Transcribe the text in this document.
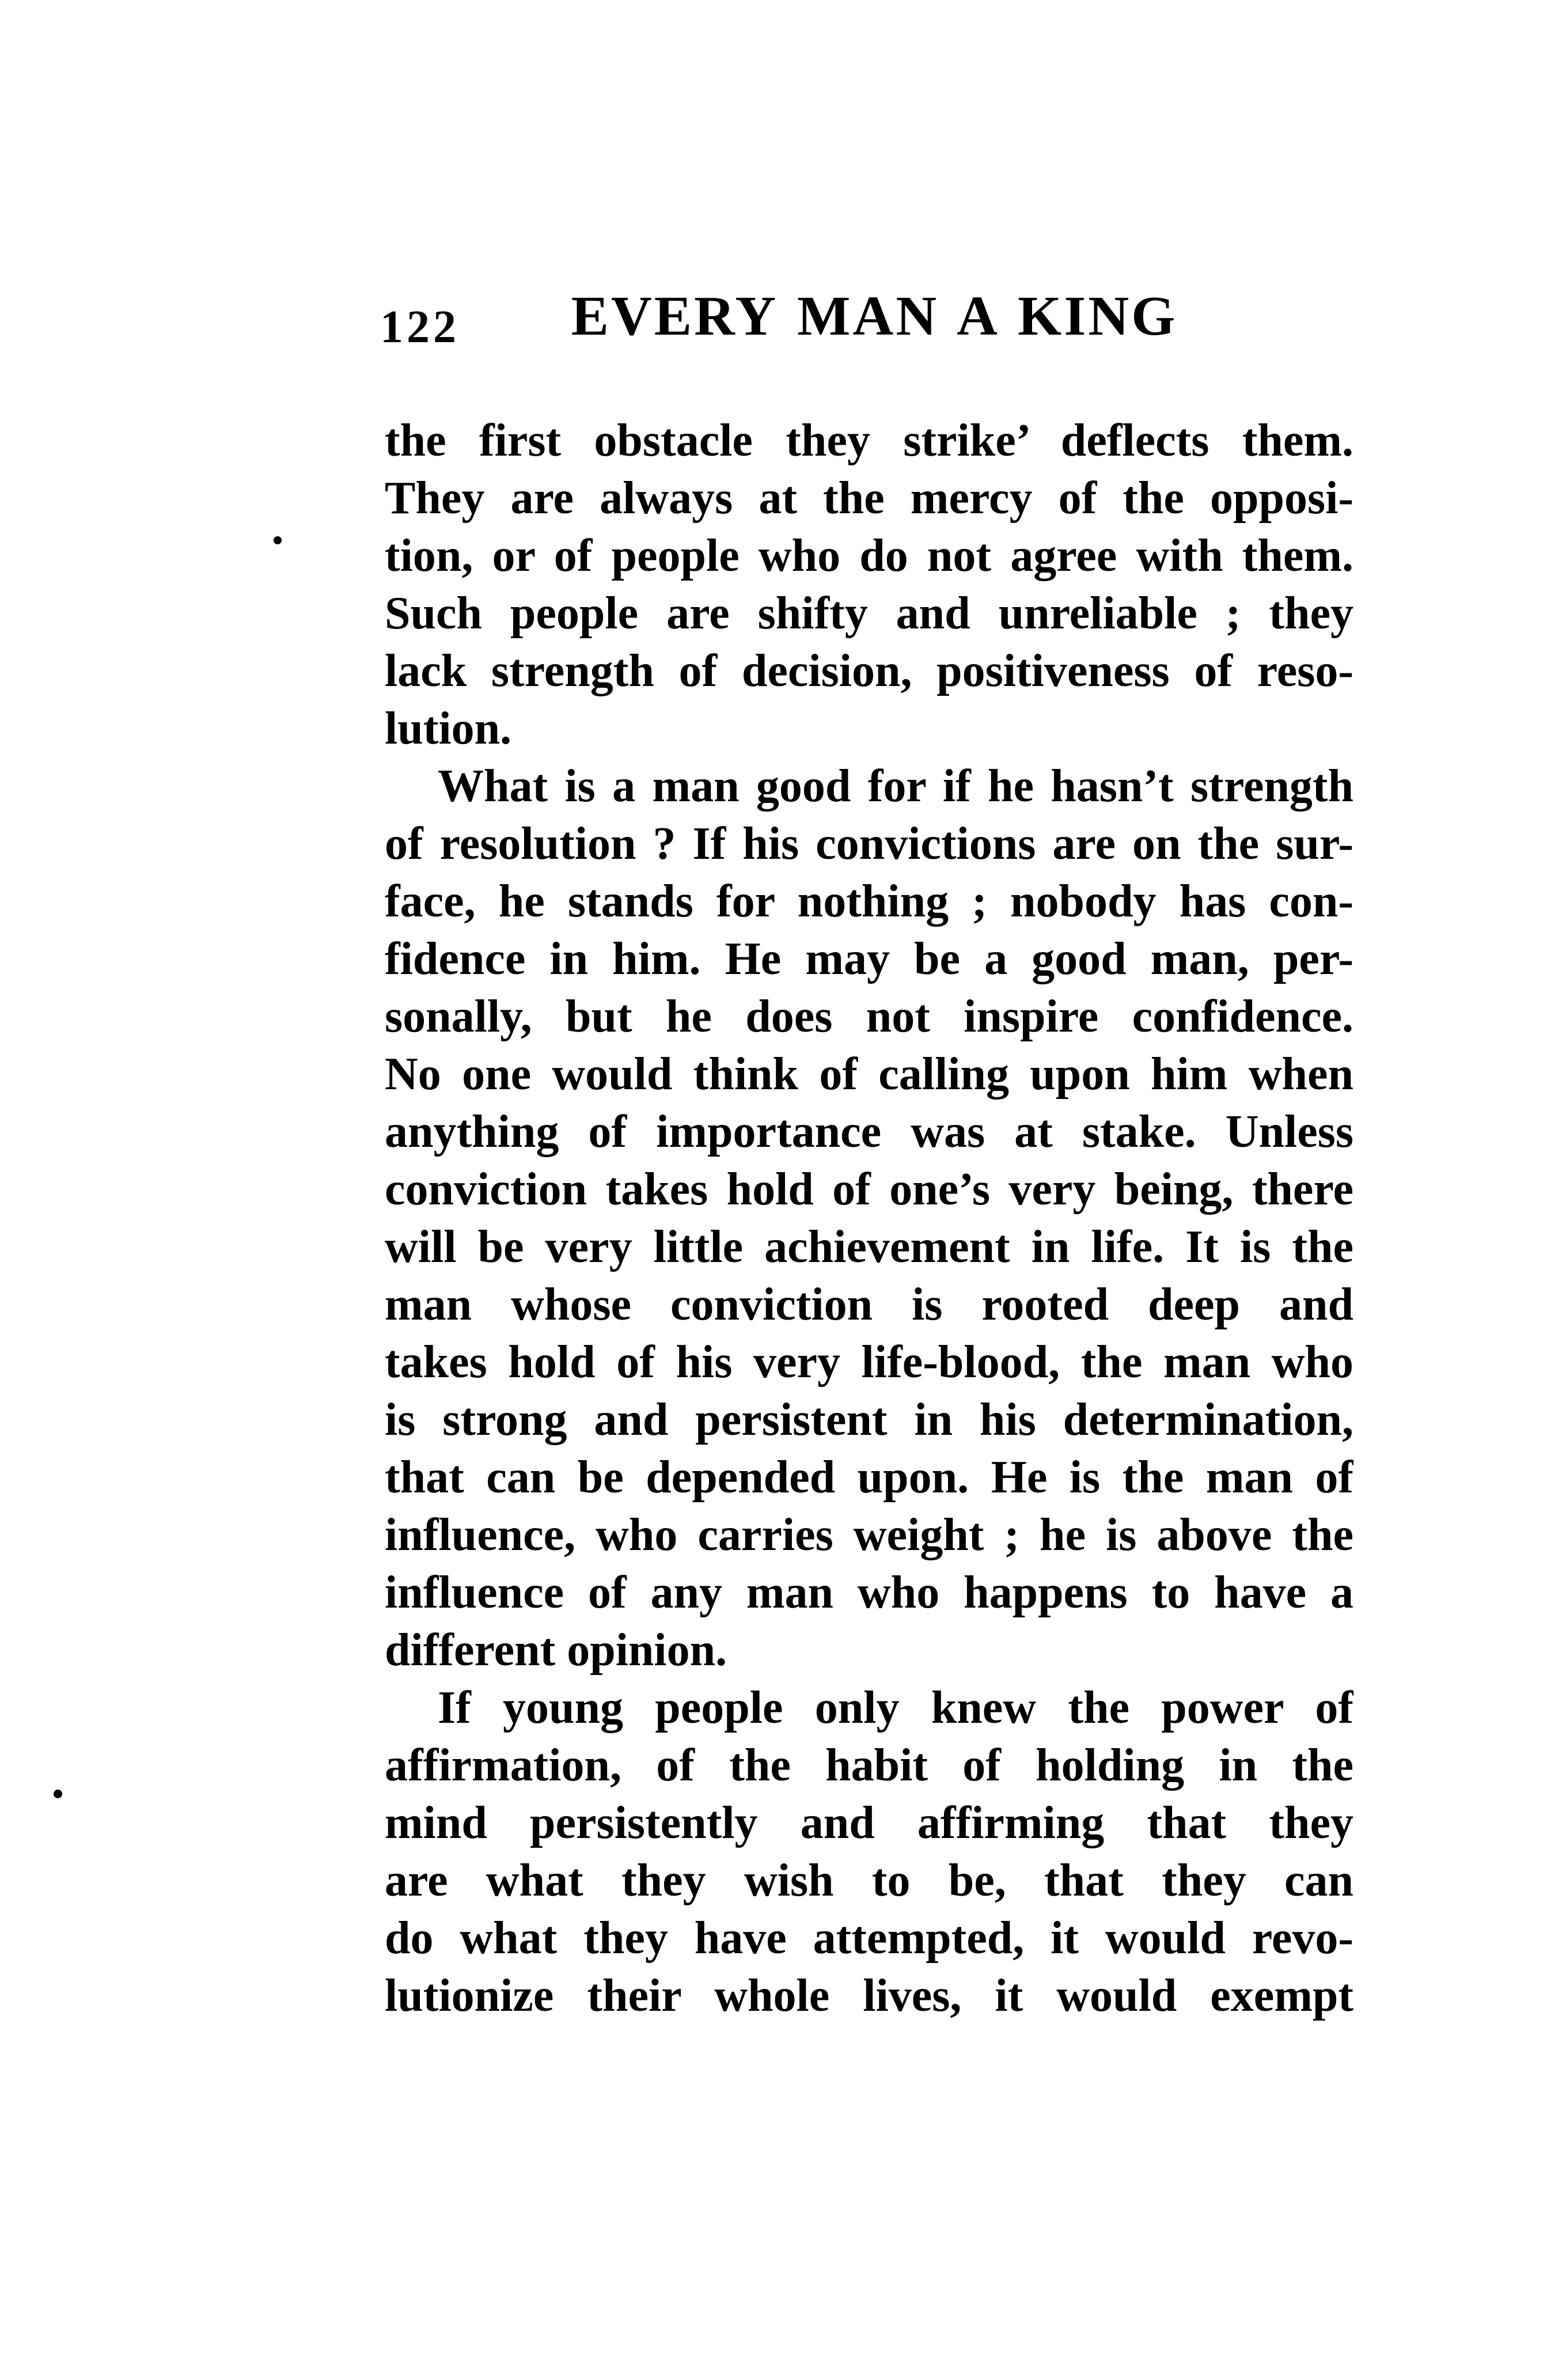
122	EVERY MAN A KING
the first obstacle they strike’ deflects them.
They are always at the mercy of the opposi-
tion, or of people who do not agree with them.
Such people are shifty and unreliable ; they
lack strength of decision, positiveness of reso-
lution.
What is a man good for if he hasn’t strength
of resolution ? If his convictions are on the sur-
face, he stands for nothing ; nobody has con-
fidence in him. He may be a good man, per-
sonally, but he does not inspire confidence.
No one would think of calling upon him when
anything of importance was at stake. Unless
conviction takes hold of one’s very being, there
will be very little achievement in life. It is the
man whose conviction is rooted deep and
takes hold of his very life-blood, the man who
is strong and persistent in his determination,
that can be depended upon. He is the man of
influence, who carries weight ; he is above the
influence of any man who happens to have a
different opinion.
If young people only knew the power of
affirmation, of the habit of holding in the
mind persistently and affirming that they
are what they wish to be, that they can
do what they have attempted, it would revo-
lutionize their whole lives, it would exempt
